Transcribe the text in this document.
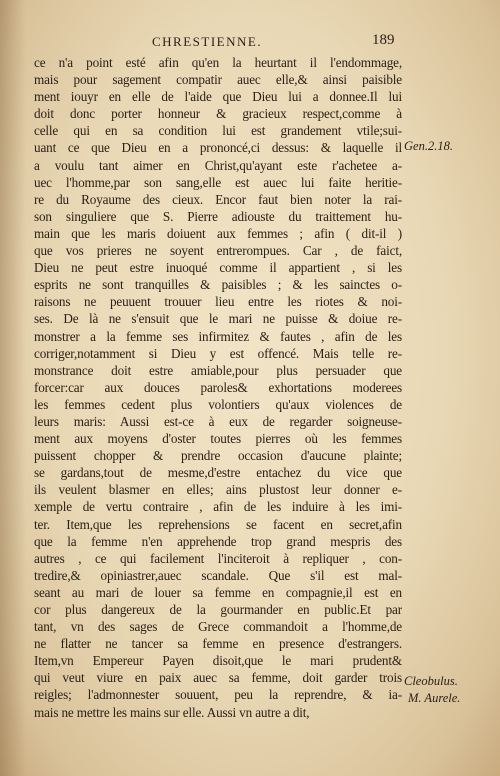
CHRESTIENNE.	189
ce n'a point esté afin qu'en la heurtant il l'endommage,
mais pour sagement compatir auec elle,& ainsi paisible
ment iouyr en elle de l'aide que Dieu lui a donnee.Il lui
doit donc porter honneur & gracieux respect,comme à
celle qui en sa condition lui est grandement vtile;sui-
uant ce que Dieu en a prononcé,ci dessus: & laquelle il
a voulu tant aimer en Christ,qu'ayant este r'achetee a-
uec l'homme,par son sang,elle est auec lui faite heritie-
re du Royaume des cieux. Encor faut bien noter la rai-
son singuliere que S. Pierre adiouste du traittement hu-
main que les maris doiuent aux femmes ; afin ( dit-il )
que vos prieres ne soyent entrerompues. Car , de faict,
Dieu ne peut estre inuoqué comme il appartient , si les
esprits ne sont tranquilles & paisibles ; & les sainctes o-
raisons ne peuuent trouuer lieu entre les riotes & noi-
ses. De là ne s'ensuit que le mari ne puisse & doiue re-
monstrer a la femme ses infirmitez & fautes , afin de les
corriger,notamment si Dieu y est offencé. Mais telle re-
monstrance doit estre amiable,pour plus persuader que
forcer:car aux douces paroles& exhortations moderees
les femmes cedent plus volontiers qu'aux violences de
leurs maris: Aussi est-ce à eux de regarder soigneuse-
ment aux moyens d'oster toutes pierres où les femmes
puissent chopper & prendre occasion d'aucune plainte;
se gardans,tout de mesme,d'estre entachez du vice que
ils veulent blasmer en elles; ains plustost leur donner e-
xemple de vertu contraire , afin de les induire à les imi-
ter. Item,que les reprehensions se facent en secret,afin
que la femme n'en apprehende trop grand mespris des
autres , ce qui facilement l'inciteroit à repliquer , con-
tredire,& opiniastrer,auec scandale. Que s'il est mal-
seant au mari de louer sa femme en compagnie,il est en
cor plus dangereux de la gourmander en public.Et par
tant, vn des sages de Grece commandoit a l'homme,de
ne flatter ne tancer sa femme en presence d'estrangers.
Item,vn Empereur Payen disoit,que le mari prudent&
qui veut viure en paix auec sa femme, doit garder trois
reigles; l'admonnester souuent, peu la reprendre, & ia-
mais ne mettre les mains sur elle. Aussi vn autre a dit,
Gen.2.18.
Cleobulus.
M. Aurele.
